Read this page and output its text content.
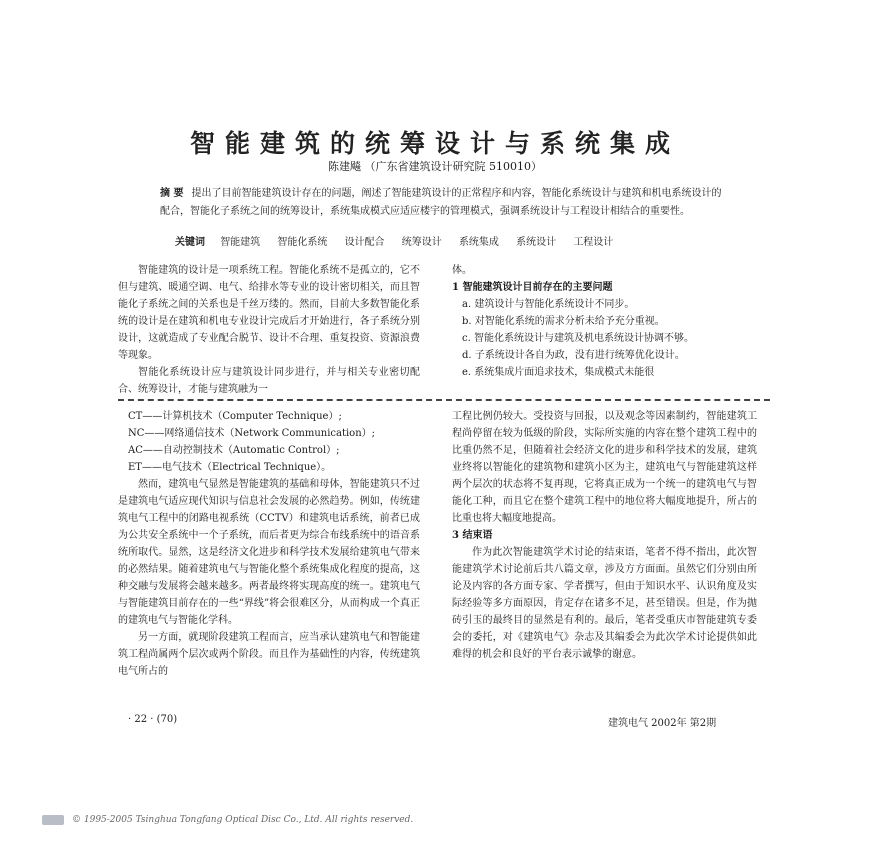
智能建筑的统筹设计与系统集成
陈建飚 （广东省建筑设计研究院 510010）
摘 要 提出了目前智能建筑设计存在的问题，阐述了智能建筑设计的正常程序和内容，智能化系统设计与建筑和机电系统设计的配合，智能化子系统之间的统筹设计，系统集成模式应适应楼宇的管理模式，强调系统设计与工程设计相结合的重要性。
关键词 智能建筑 智能化系统 设计配合 统筹设计 系统集成 系统设计 工程设计

智能建筑的设计是一项系统工程。智能化系统不是孤立的，它不但与建筑、暖通空调、电气、给排水等专业的设计密切相关，而且智能化子系统之间的关系也是千丝万缕的。然而，目前大多数智能化系统的设计是在建筑和机电专业设计完成后才开始进行，各子系统分别设计，这就造成了专业配合脱节、设计不合理、重复投资、资源浪费等现象。

智能化系统设计应与建筑设计同步进行，并与相关专业密切配合、统筹设计，才能与建筑融为一

体。

1 智能建筑设计目前存在的主要问题

a. 建筑设计与智能化系统设计不同步。

b. 对智能化系统的需求分析未给予充分重视。

c. 智能化系统设计与建筑及机电系统设计协调不够。

d. 子系统设计各自为政，没有进行统筹优化设计。

e. 系统集成片面追求技术，集成模式未能很

CT——计算机技术（Computer Technique）;

NC——网络通信技术（Network Communication）;

AC——自动控制技术（Automatic Control）;

ET——电气技术（Electrical Technique）。

然而，建筑电气显然是智能建筑的基础和母体，智能建筑只不过是建筑电气适应现代知识与信息社会发展的必然趋势。例如，传统建筑电气工程中的闭路电视系统（CCTV）和建筑电话系统，前者已成为公共安全系统中一个子系统，而后者更为综合布线系统中的语音系统所取代。显然，这是经济文化进步和科学技术发展给建筑电气带来的必然结果。随着建筑电气与智能化整个系统集成化程度的提高，这种交融与发展将会越来越多。两者最终将实现高度的统一。建筑电气与智能建筑目前存在的一些“界线”将会很难区分，从而构成一个真正的建筑电气与智能化学科。

另一方面，就现阶段建筑工程而言，应当承认建筑电气和智能建筑工程尚属两个层次或两个阶段。而且作为基础性的内容，传统建筑电气所占的

工程比例仍较大。受投资与回报，以及观念等因素制约，智能建筑工程尚停留在较为低级的阶段，实际所实施的内容在整个建筑工程中的比重仍然不足，但随着社会经济文化的进步和科学技术的发展，建筑业终将以智能化的建筑物和建筑小区为主，建筑电气与智能建筑这样两个层次的状态将不复再现，它将真正成为一个统一的建筑电气与智能化工种，而且它在整个建筑工程中的地位将大幅度地提升，所占的比重也将大幅度地提高。

3 结束语

作为此次智能建筑学术讨论的结束语，笔者不得不指出，此次智能建筑学术讨论前后共八篇文章，涉及方方面面。虽然它们分别由所论及内容的各方面专家、学者撰写，但由于知识水平、认识角度及实际经验等多方面原因，肯定存在诸多不足，甚至错误。但是，作为抛砖引玉的最终目的显然是有利的。最后，笔者受重庆市智能建筑专委会的委托，对《建筑电气》杂志及其编委会为此次学术讨论提供如此难得的机会和良好的平台表示诚挚的谢意。

· 22 · (70)	建筑电气 2002年 第2期
© 1995-2005 Tsinghua Tongfang Optical Disc Co., Ltd. All rights reserved.
